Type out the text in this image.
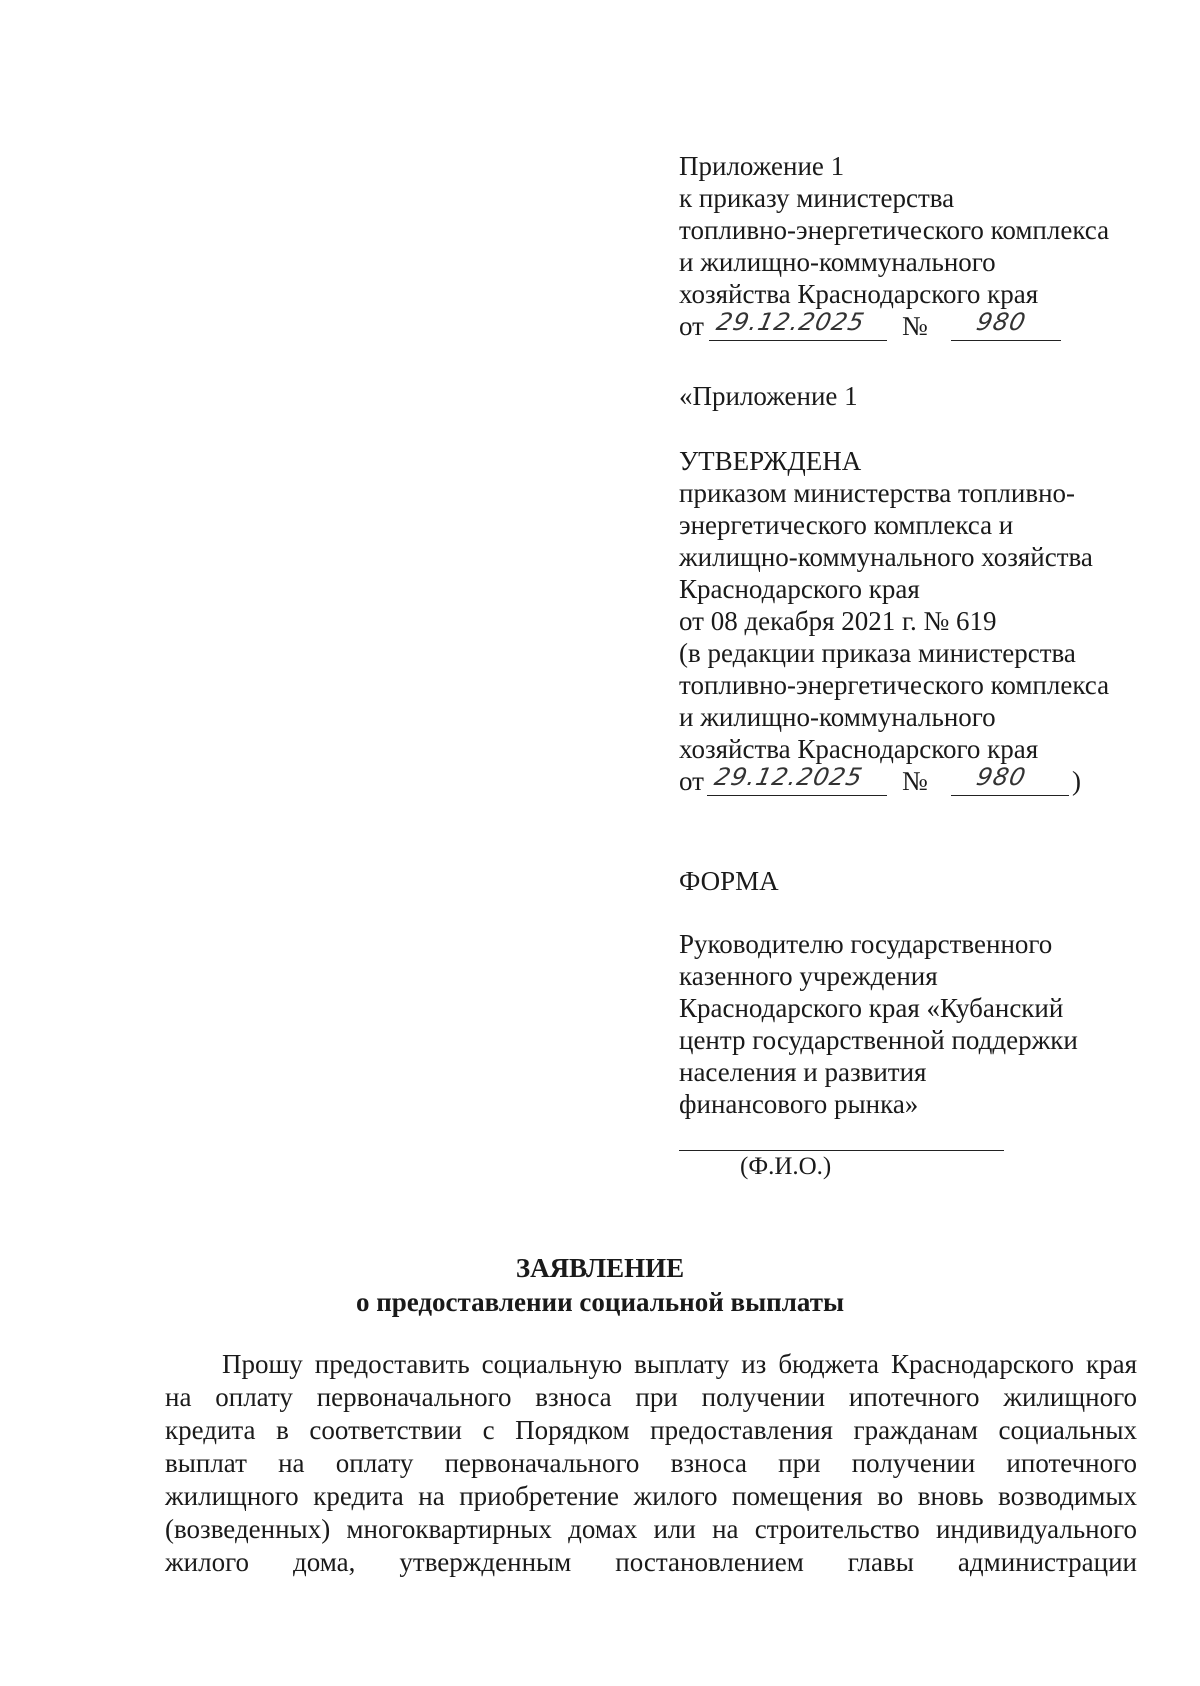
Приложение 1
к приказу министерства
топливно-энергетического комплекса
и жилищно-коммунального
хозяйства Краснодарского края
от 29.12.2025 № 980
«Приложение 1
УТВЕРЖДЕНА
приказом министерства топливно-
энергетического комплекса и
жилищно-коммунального хозяйства
Краснодарского края
от 08 декабря 2021 г. № 619
(в редакции приказа министерства
топливно-энергетического комплекса
и жилищно-коммунального
хозяйства Краснодарского края
от 29.12.2025 № 980 )
ФОРМА
Руководителю государственного
казенного учреждения
Краснодарского края «Кубанский
центр государственной поддержки
населения и развития
финансового рынка»
(Ф.И.О.)
ЗАЯВЛЕНИЕ
о предоставлении социальной выплаты
Прошу предоставить социальную выплату из бюджета Краснодарского края
на оплату первоначального взноса при получении ипотечного жилищного
кредита в соответствии с Порядком предоставления гражданам социальных
выплат на оплату первоначального взноса при получении ипотечного
жилищного кредита на приобретение жилого помещения во вновь возводимых
(возведенных) многоквартирных домах или на строительство индивидуального
жилого дома, утвержденным постановлением главы администрации
